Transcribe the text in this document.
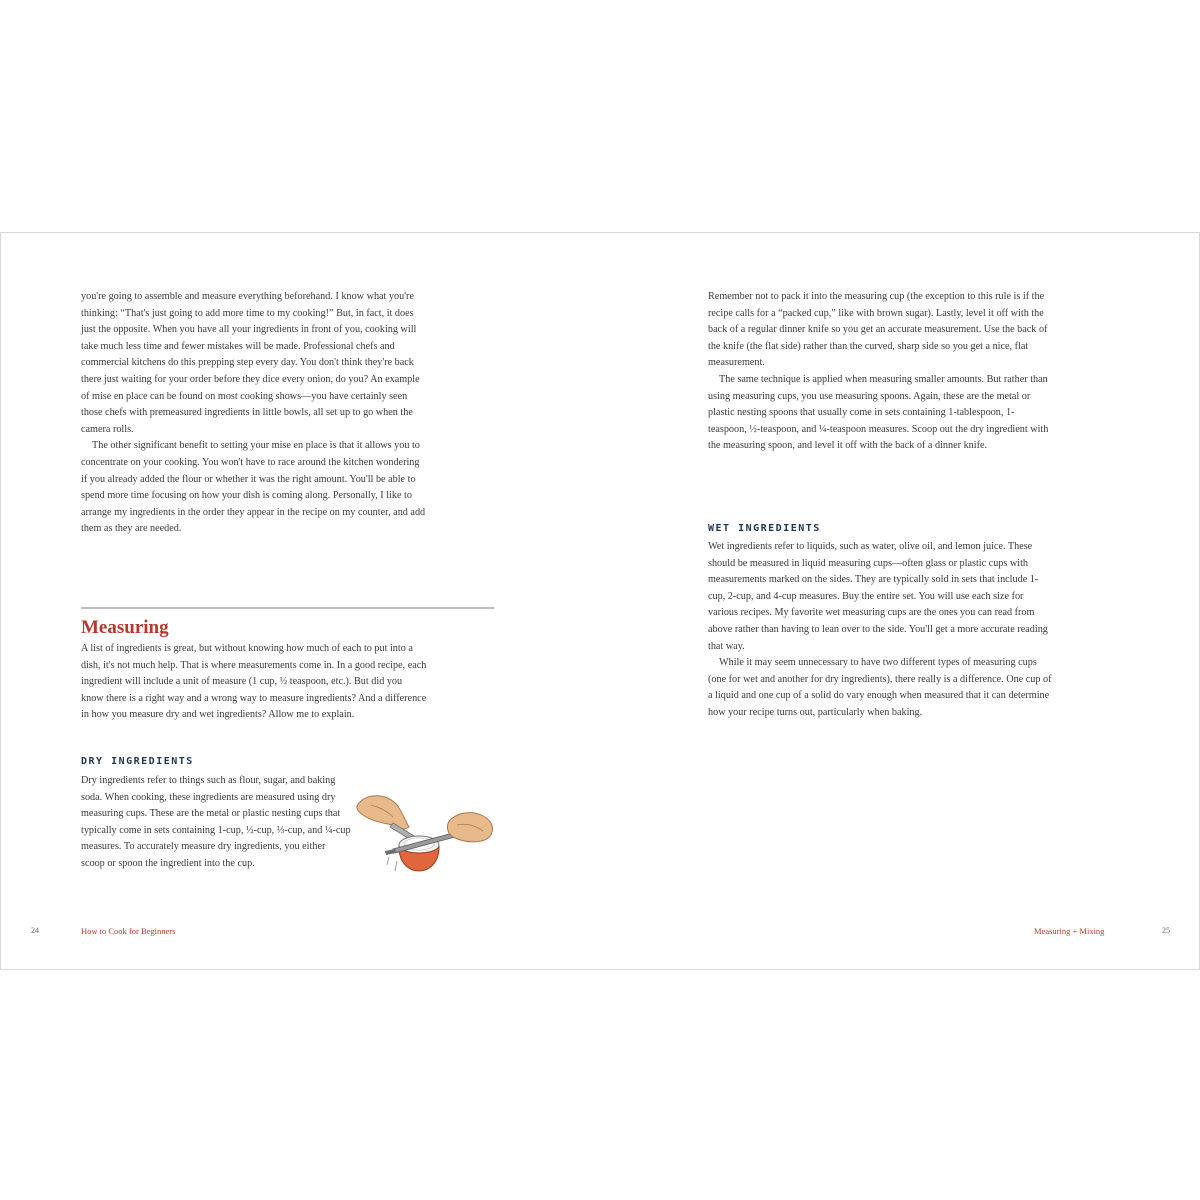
you're going to assemble and measure everything beforehand. I know what you're thinking: “That's just going to add more time to my cooking!” But, in fact, it does just the opposite. When you have all your ingredients in front of you, cooking will take much less time and fewer mistakes will be made. Professional chefs and commercial kitchens do this prepping step every day. You don't think they're back there just waiting for your order before they dice every onion, do you? An example of mise en place can be found on most cooking shows—you have certainly seen those chefs with premeasured ingredients in little bowls, all set up to go when the camera rolls.

The other significant benefit to setting your mise en place is that it allows you to concentrate on your cooking. You won't have to race around the kitchen wondering if you already added the flour or whether it was the right amount. You'll be able to spend more time focusing on how your dish is coming along. Personally, I like to arrange my ingredients in the order they appear in the recipe on my counter, and add them as they are needed.

Measuring

A list of ingredients is great, but without knowing how much of each to put into a dish, it's not much help. That is where measurements come in. In a good recipe, each ingredient will include a unit of measure (1 cup, ½ teaspoon, etc.). But did you know there is a right way and a wrong way to measure ingredients? And a difference in how you measure dry and wet ingredients? Allow me to explain.

DRY INGREDIENTS

Dry ingredients refer to things such as flour, sugar, and baking soda. When cooking, these ingredients are measured using dry measuring cups. These are the metal or plastic nesting cups that typically come in sets containing 1-cup, ½-cup, ⅓-cup, and ¼-cup measures. To accurately measure dry ingredients, you either scoop or spoon the ingredient into the cup.

24	How to Cook for Beginners

Remember not to pack it into the measuring cup (the exception to this rule is if the recipe calls for a “packed cup,” like with brown sugar). Lastly, level it off with the back of a regular dinner knife so you get an accurate measurement. Use the back of the knife (the flat side) rather than the curved, sharp side so you get a nice, flat measurement.

The same technique is applied when measuring smaller amounts. But rather than using measuring cups, you use measuring spoons. Again, these are the metal or plastic nesting spoons that usually come in sets containing 1-tablespoon, 1-teaspoon, ½-teaspoon, and ¼-teaspoon measures. Scoop out the dry ingredient with the measuring spoon, and level it off with the back of a dinner knife.

WET INGREDIENTS

Wet ingredients refer to liquids, such as water, olive oil, and lemon juice. These should be measured in liquid measuring cups—often glass or plastic cups with measurements marked on the sides. They are typically sold in sets that include 1-cup, 2-cup, and 4-cup measures. Buy the entire set. You will use each size for various recipes. My favorite wet measuring cups are the ones you can read from above rather than having to lean over to the side. You'll get a more accurate reading that way.

While it may seem unnecessary to have two different types of measuring cups (one for wet and another for dry ingredients), there really is a difference. One cup of a liquid and one cup of a solid do vary enough when measured that it can determine how your recipe turns out, particularly when baking.

Measuring + Mixing	25
